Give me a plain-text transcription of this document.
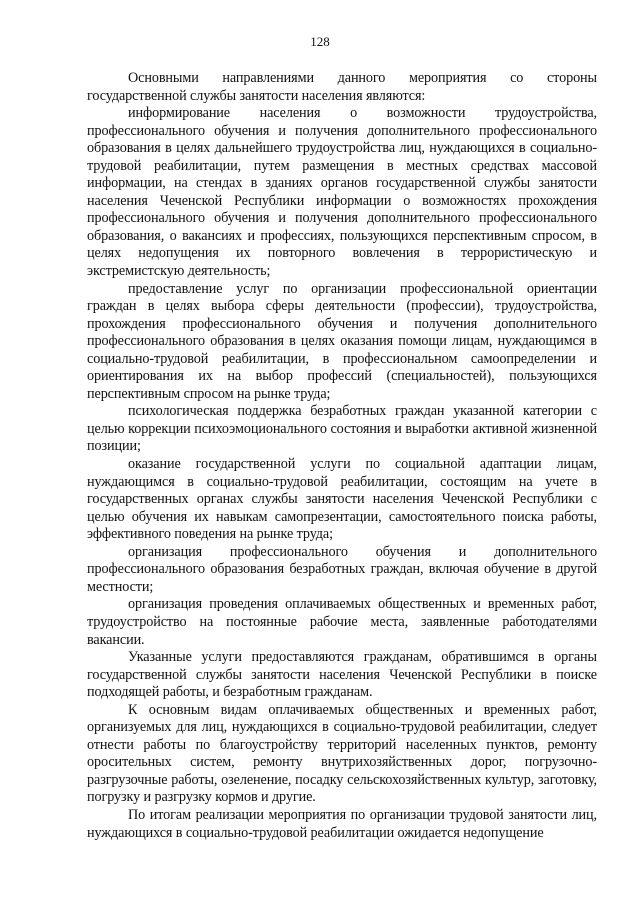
128

Основными направлениями данного мероприятия со стороны государственной службы занятости населения являются:

информирование населения о возможности трудоустройства, профессионального обучения и получения дополнительного профессионального образования в целях дальнейшего трудоустройства лиц, нуждающихся в социально-трудовой реабилитации, путем размещения в местных средствах массовой информации, на стендах в зданиях органов государственной службы занятости населения Чеченской Республики информации о возможностях прохождения профессионального обучения и получения дополнительного профессионального образования, о вакансиях и профессиях, пользующихся перспективным спросом, в целях недопущения их повторного вовлечения в террористическую и экстремистскую деятельность;

предоставление услуг по организации профессиональной ориентации граждан в целях выбора сферы деятельности (профессии), трудоустройства, прохождения профессионального обучения и получения дополнительного профессионального образования в целях оказания помощи лицам, нуждающимся в социально-трудовой реабилитации, в профессиональном самоопределении и ориентирования их на выбор профессий (специальностей), пользующихся перспективным спросом на рынке труда;

психологическая поддержка безработных граждан указанной категории с целью коррекции психоэмоционального состояния и выработки активной жизненной позиции;

оказание государственной услуги по социальной адаптации лицам, нуждающимся в социально-трудовой реабилитации, состоящим на учете в государственных органах службы занятости населения Чеченской Республики с целью обучения их навыкам самопрезентации, самостоятельного поиска работы, эффективного поведения на рынке труда;

организация профессионального обучения и дополнительного профессионального образования безработных граждан, включая обучение в другой местности;

организация проведения оплачиваемых общественных и временных работ, трудоустройство на постоянные рабочие места, заявленные работодателями вакансии.

Указанные услуги предоставляются гражданам, обратившимся в органы государственной службы занятости населения Чеченской Республики в поиске подходящей работы, и безработным гражданам.

К основным видам оплачиваемых общественных и временных работ, организуемых для лиц, нуждающихся в социально-трудовой реабилитации, следует отнести работы по благоустройству территорий населенных пунктов, ремонту оросительных систем, ремонту внутрихозяйственных дорог, погрузочно-разгрузочные работы, озеленение, посадку сельскохозяйственных культур, заготовку, погрузку и разгрузку кормов и другие.

По итогам реализации мероприятия по организации трудовой занятости лиц, нуждающихся в социально-трудовой реабилитации ожидается недопущение
